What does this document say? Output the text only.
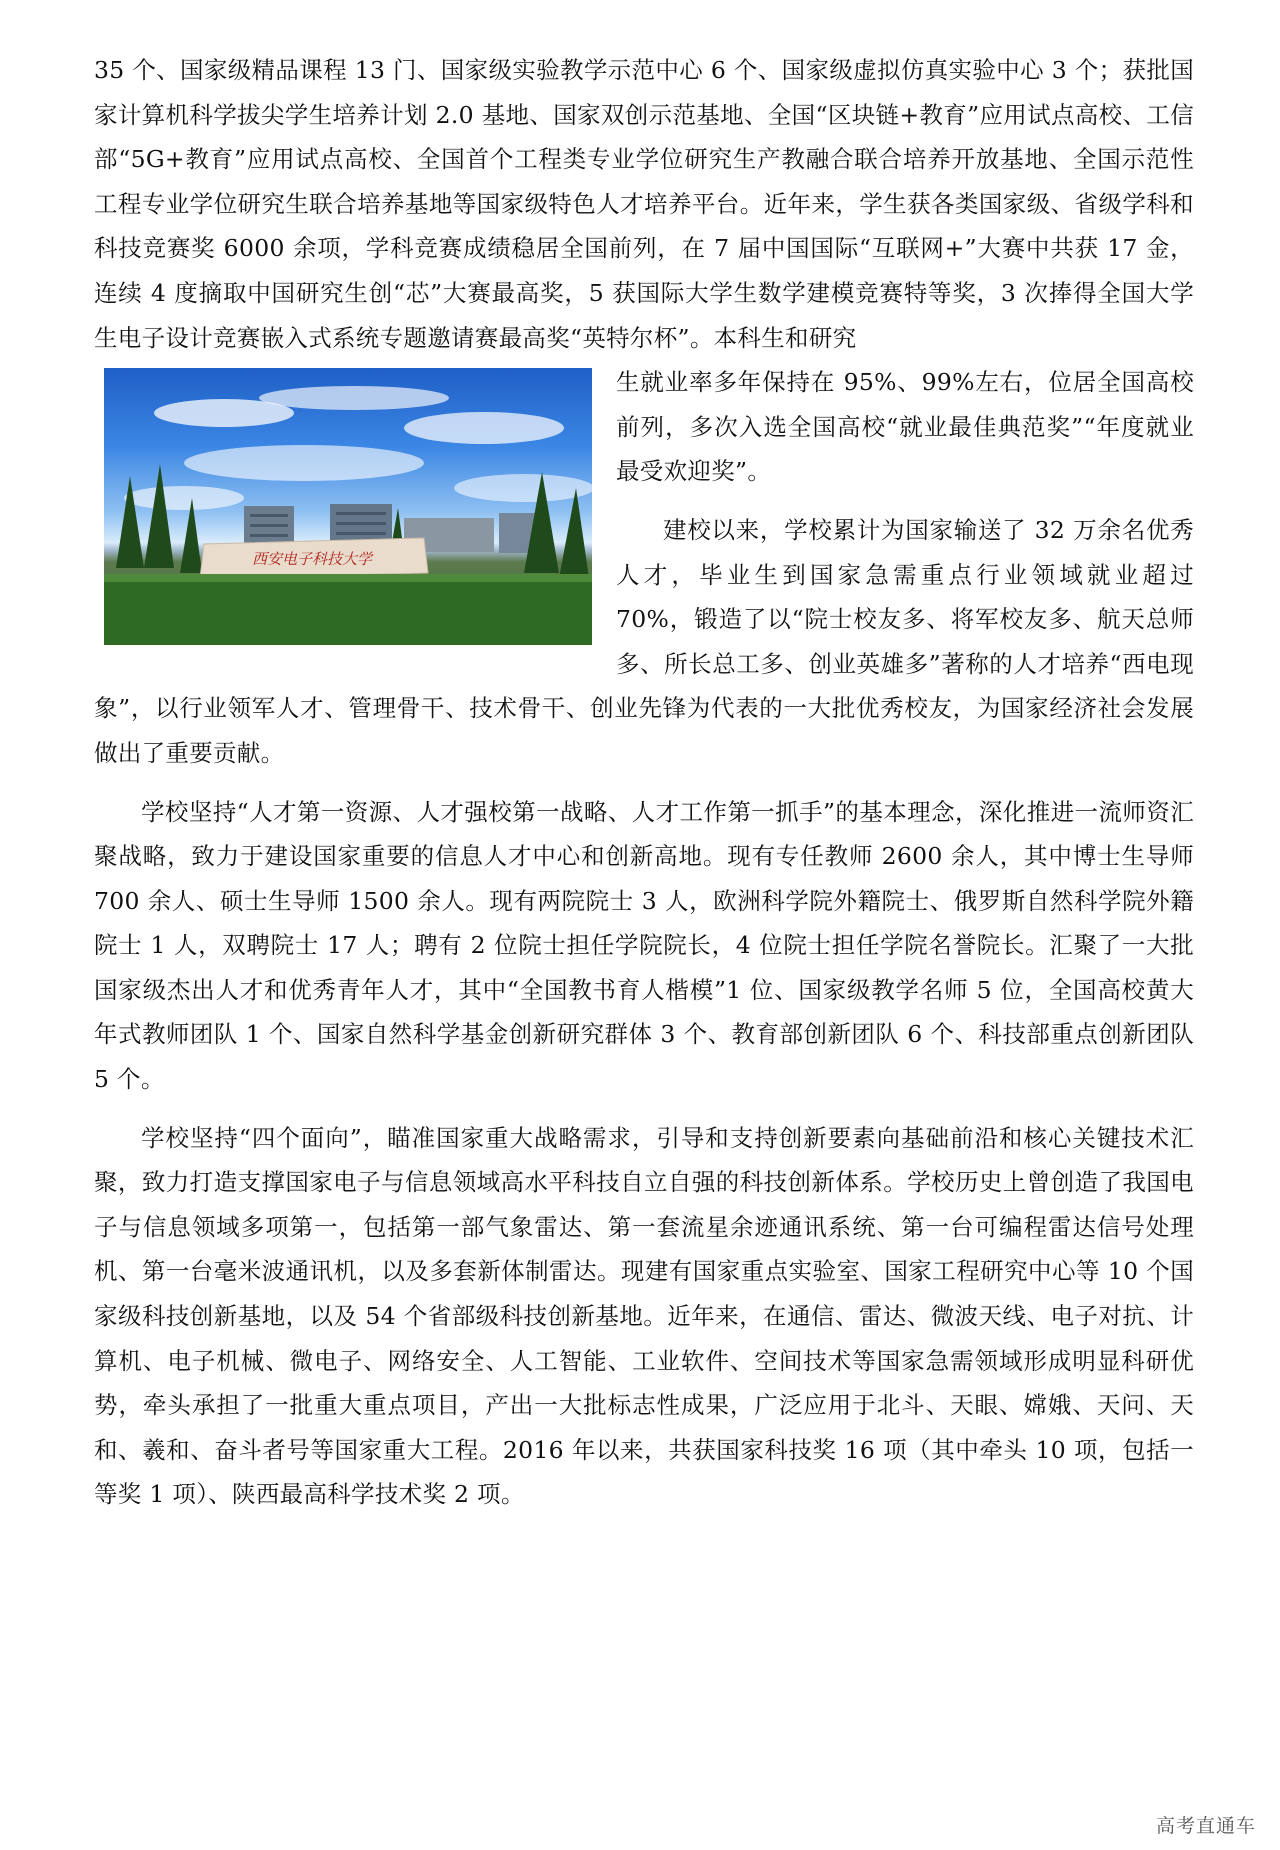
35 个、国家级精品课程 13 门、国家级实验教学示范中心 6 个、国家级虚拟仿真实验中心 3 个；获批国家计算机科学拔尖学生培养计划 2.0 基地、国家双创示范基地、全国“区块链+教育”应用试点高校、工信部“5G+教育”应用试点高校、全国首个工程类专业学位研究生产教融合联合培养开放基地、全国示范性工程专业学位研究生联合培养基地等国家级特色人才培养平台。近年来，学生获各类国家级、省级学科和科技竞赛奖 6000 余项，学科竞赛成绩稳居全国前列，在 7 届中国国际“互联网+”大赛中共获 17 金，连续 4 度摘取中国研究生创“芯”大赛最高奖，5 获国际大学生数学建模竞赛特等奖，3 次捧得全国大学生电子设计竞赛嵌入式系统专题邀请赛最高奖“英特尔杯”。本科生和研究

西安电子科技大学

生就业率多年保持在 95%、99%左右，位居全国高校前列，多次入选全国高校“就业最佳典范奖”“年度就业最受欢迎奖”。

建校以来，学校累计为国家输送了 32 万余名优秀人才，毕业生到国家急需重点行业领域就业超过 70%，锻造了以“院士校友多、将军校友多、航天总师多、所长总工多、创业英雄多”著称的人才培养“西电现象”，以行业领军人才、管理骨干、技术骨干、创业先锋为代表的一大批优秀校友，为国家经济社会发展做出了重要贡献。

学校坚持“人才第一资源、人才强校第一战略、人才工作第一抓手”的基本理念，深化推进一流师资汇聚战略，致力于建设国家重要的信息人才中心和创新高地。现有专任教师 2600 余人，其中博士生导师 700 余人、硕士生导师 1500 余人。现有两院院士 3 人，欧洲科学院外籍院士、俄罗斯自然科学院外籍院士 1 人，双聘院士 17 人；聘有 2 位院士担任学院院长，4 位院士担任学院名誉院长。汇聚了一大批国家级杰出人才和优秀青年人才，其中“全国教书育人楷模”1 位、国家级教学名师 5 位，全国高校黄大年式教师团队 1 个、国家自然科学基金创新研究群体 3 个、教育部创新团队 6 个、科技部重点创新团队 5 个。

学校坚持“四个面向”，瞄准国家重大战略需求，引导和支持创新要素向基础前沿和核心关键技术汇聚，致力打造支撑国家电子与信息领域高水平科技自立自强的科技创新体系。学校历史上曾创造了我国电子与信息领域多项第一，包括第一部气象雷达、第一套流星余迹通讯系统、第一台可编程雷达信号处理机、第一台毫米波通讯机，以及多套新体制雷达。现建有国家重点实验室、国家工程研究中心等 10 个国家级科技创新基地，以及 54 个省部级科技创新基地。近年来，在通信、雷达、微波天线、电子对抗、计算机、电子机械、微电子、网络安全、人工智能、工业软件、空间技术等国家急需领域形成明显科研优势，牵头承担了一批重大重点项目，产出一大批标志性成果，广泛应用于北斗、天眼、嫦娥、天问、天和、羲和、奋斗者号等国家重大工程。2016 年以来，共获国家科技奖 16 项（其中牵头 10 项，包括一等奖 1 项）、陕西最高科学技术奖 2 项。

高考直通车
